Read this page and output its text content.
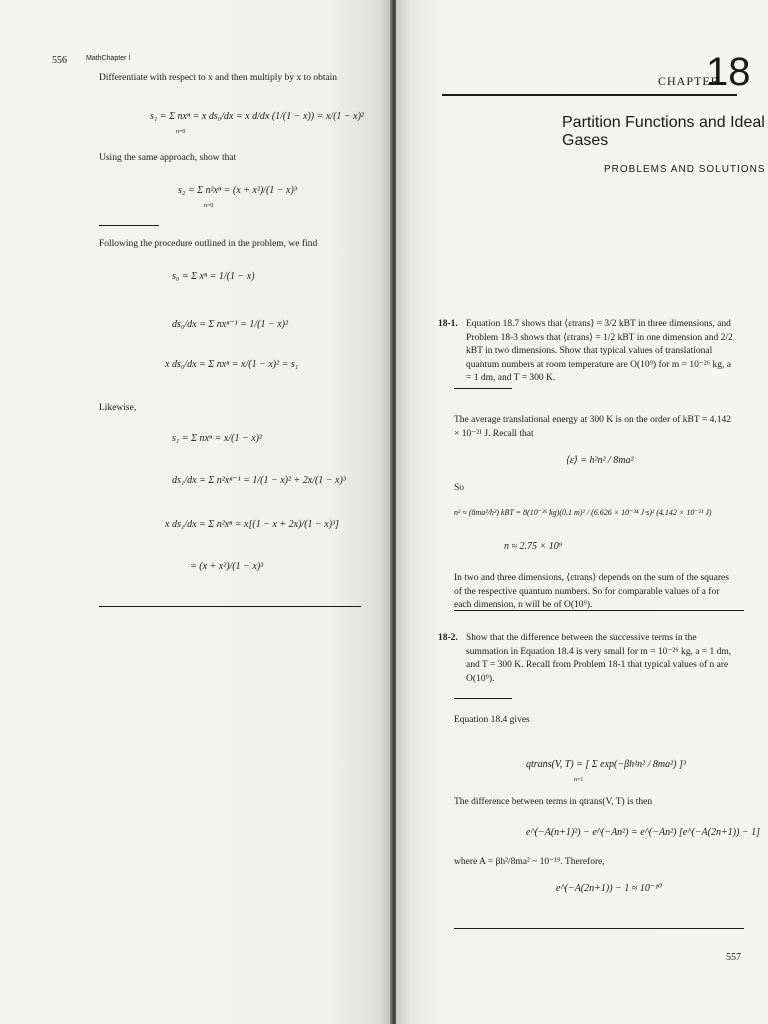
556	MathChapter I
Differentiate with respect to x and then multiply by x to obtain
s₁ = Σ nxⁿ = x ds₀/dx = x d/dx (1/(1 − x)) = x/(1 − x)²
n=0
Using the same approach, show that
s₂ = Σ n²xⁿ = (x + x²)/(1 − x)³
n=0
Following the procedure outlined in the problem, we find
s₀ = Σ xⁿ = 1/(1 − x)
ds₀/dx = Σ nxⁿ⁻¹ = 1/(1 − x)²
x ds₀/dx = Σ nxⁿ = x/(1 − x)² = s₁
Likewise,
s₁ = Σ nxⁿ = x/(1 − x)²
ds₁/dx = Σ n²xⁿ⁻¹ = 1/(1 − x)² + 2x/(1 − x)³
x ds₁/dx = Σ n²xⁿ = x[(1 − x + 2x)/(1 − x)³]
= (x + x²)/(1 − x)³
CHAPTER
18
Partition Functions and Ideal Gases
PROBLEMS AND SOLUTIONS
18-1. Equation 18.7 shows that ⟨εtrans⟩ = 3/2 kBT in three dimensions, and Problem 18-3 shows that ⟨εtrans⟩ = 1/2 kBT in one dimension and 2/2 kBT in two dimensions. Show that typical values of translational quantum numbers at room temperature are O(10⁹) for m = 10⁻²⁶ kg, a = 1 dm, and T = 300 K.
The average translational energy at 300 K is on the order of kBT = 4.142 × 10⁻²¹ J. Recall that
⟨ε⟩ = h²n² / 8ma²
So
n² ≈ (8ma²/h²) kBT = 8(10⁻²⁶ kg)(0.1 m)² / (6.626 × 10⁻³⁴ J·s)² (4.142 × 10⁻²¹ J)
n ≈ 2.75 × 10⁹
In two and three dimensions, ⟨εtrans⟩ depends on the sum of the squares of the respective quantum numbers. So for comparable values of a for each dimension, n will be of O(10⁹).
18-2. Show that the difference between the successive terms in the summation in Equation 18.4 is very small for m = 10⁻²⁶ kg, a = 1 dm, and T = 300 K. Recall from Problem 18-1 that typical values of n are O(10⁹).
Equation 18.4 gives
qtrans(V, T) = [ Σ exp(−βh²n² / 8ma²) ]³
n=1
The difference between terms in qtrans(V, T) is then
e^(−A(n+1)²) − e^(−An²) = e^(−An²) [e^(−A(2n+1)) − 1]
where A = βh²/8ma² ~ 10⁻¹⁹. Therefore,
e^(−A(2n+1)) − 1 ≈ 10⁻¹⁰
557
